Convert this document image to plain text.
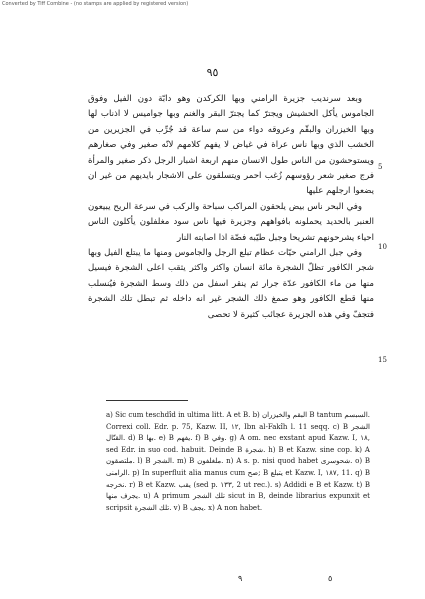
Converted by Tiff Combine - (no stamps are applied by registered version)
٩٥

وبعد سرنديب جزيرة الرامني وبها الكركدن وهو دابّة دون الفيل وفوق الجاموس يأكل الحشيش ويجترّ كما يجترّ البقر والغنم وبها جواميس لا اذناب لها وبها الخيزران والبقّم وعروقه دواء من سم ساعة قد جُرِّب في الجزيرين من الخشب الذي وبها ناس عراة في غياض لا يفهم كلامهم لانّه صغير وفي صغارهم ويستوحشون من الناس طول الانسان منهم اربعة اشبار الرجل ذكر صغير والمرأة فرج صغير شعر رؤوسهم زُغب احمر ويتسلقون على الاشجار بايديهم من غير ان يضعوا ارجلهم عليها

وفي البحر ناس بيض يلحقون المراكب سباحة والركب في سرعة الريح يبيعون العنبر بالحديد يحملونه بافواههم وجزيرة فيها ناس سود مغلفلون يأكلون الناس احياء يشرحونهم تشريحا وجبل طيّبه فضّة اذا اصابته النار

وفي جبل الرامني حيّات عظام تبلع الرجل والجاموس ومنها ما يبتلع الفيل وبها شجر الكافور تظلّ الشجرة مائة انسان واكثر واكثر يثقب اعلى الشجرة فيسيل منها من ماء الكافور عدّة جرار ثم ينقر اسفل من ذلك وسط الشجرة فيُنسلب منها قطع الكافور وهو صمغ ذلك الشجر غير انه داخله ثم تبطل تلك الشجرة فتجفّ وفي هذه الجزيرة عجائب كثيرة لا تحصى

5
10
15

a) Sic cum teschdîd in ultima litt. A et B. b) البقم والخيزران B tantum السبسم. Correxi coll. Edr. p. 75, Kazw. II, ۱۲, Ibn al-Fakîh l. 11 seqq. c) B الشجر القتّال. d) B بها. e) B يفهم. f) B وفي. g) A om. nec exstant apud Kazw. I, ۱۸, sed Edr. in suo cod. habuit. Deinde B شجرة. h) B et Kazw. sine cop. k) A ملتصقون. l) B الشجر. m) B ملغلفون. n) A s. p. nisi quod habet شحوسرى. o) B الرامنى. p) In superfluit alia manus cum صح; B يتبلع et Kazw. I, ۱۸۷, 11. q) B نخرجه. r) B et Kazw. يقب (sed p. ۱۳۳, 2 ut rec.). s) Addidi e B et Kazw. t) B يجرف منها. u) A primum تلك الشجر sicut in B, deinde librarius expunxit et scripsit تلك الشجرة. v) B يجف. x) A non habet.

٩	٥
